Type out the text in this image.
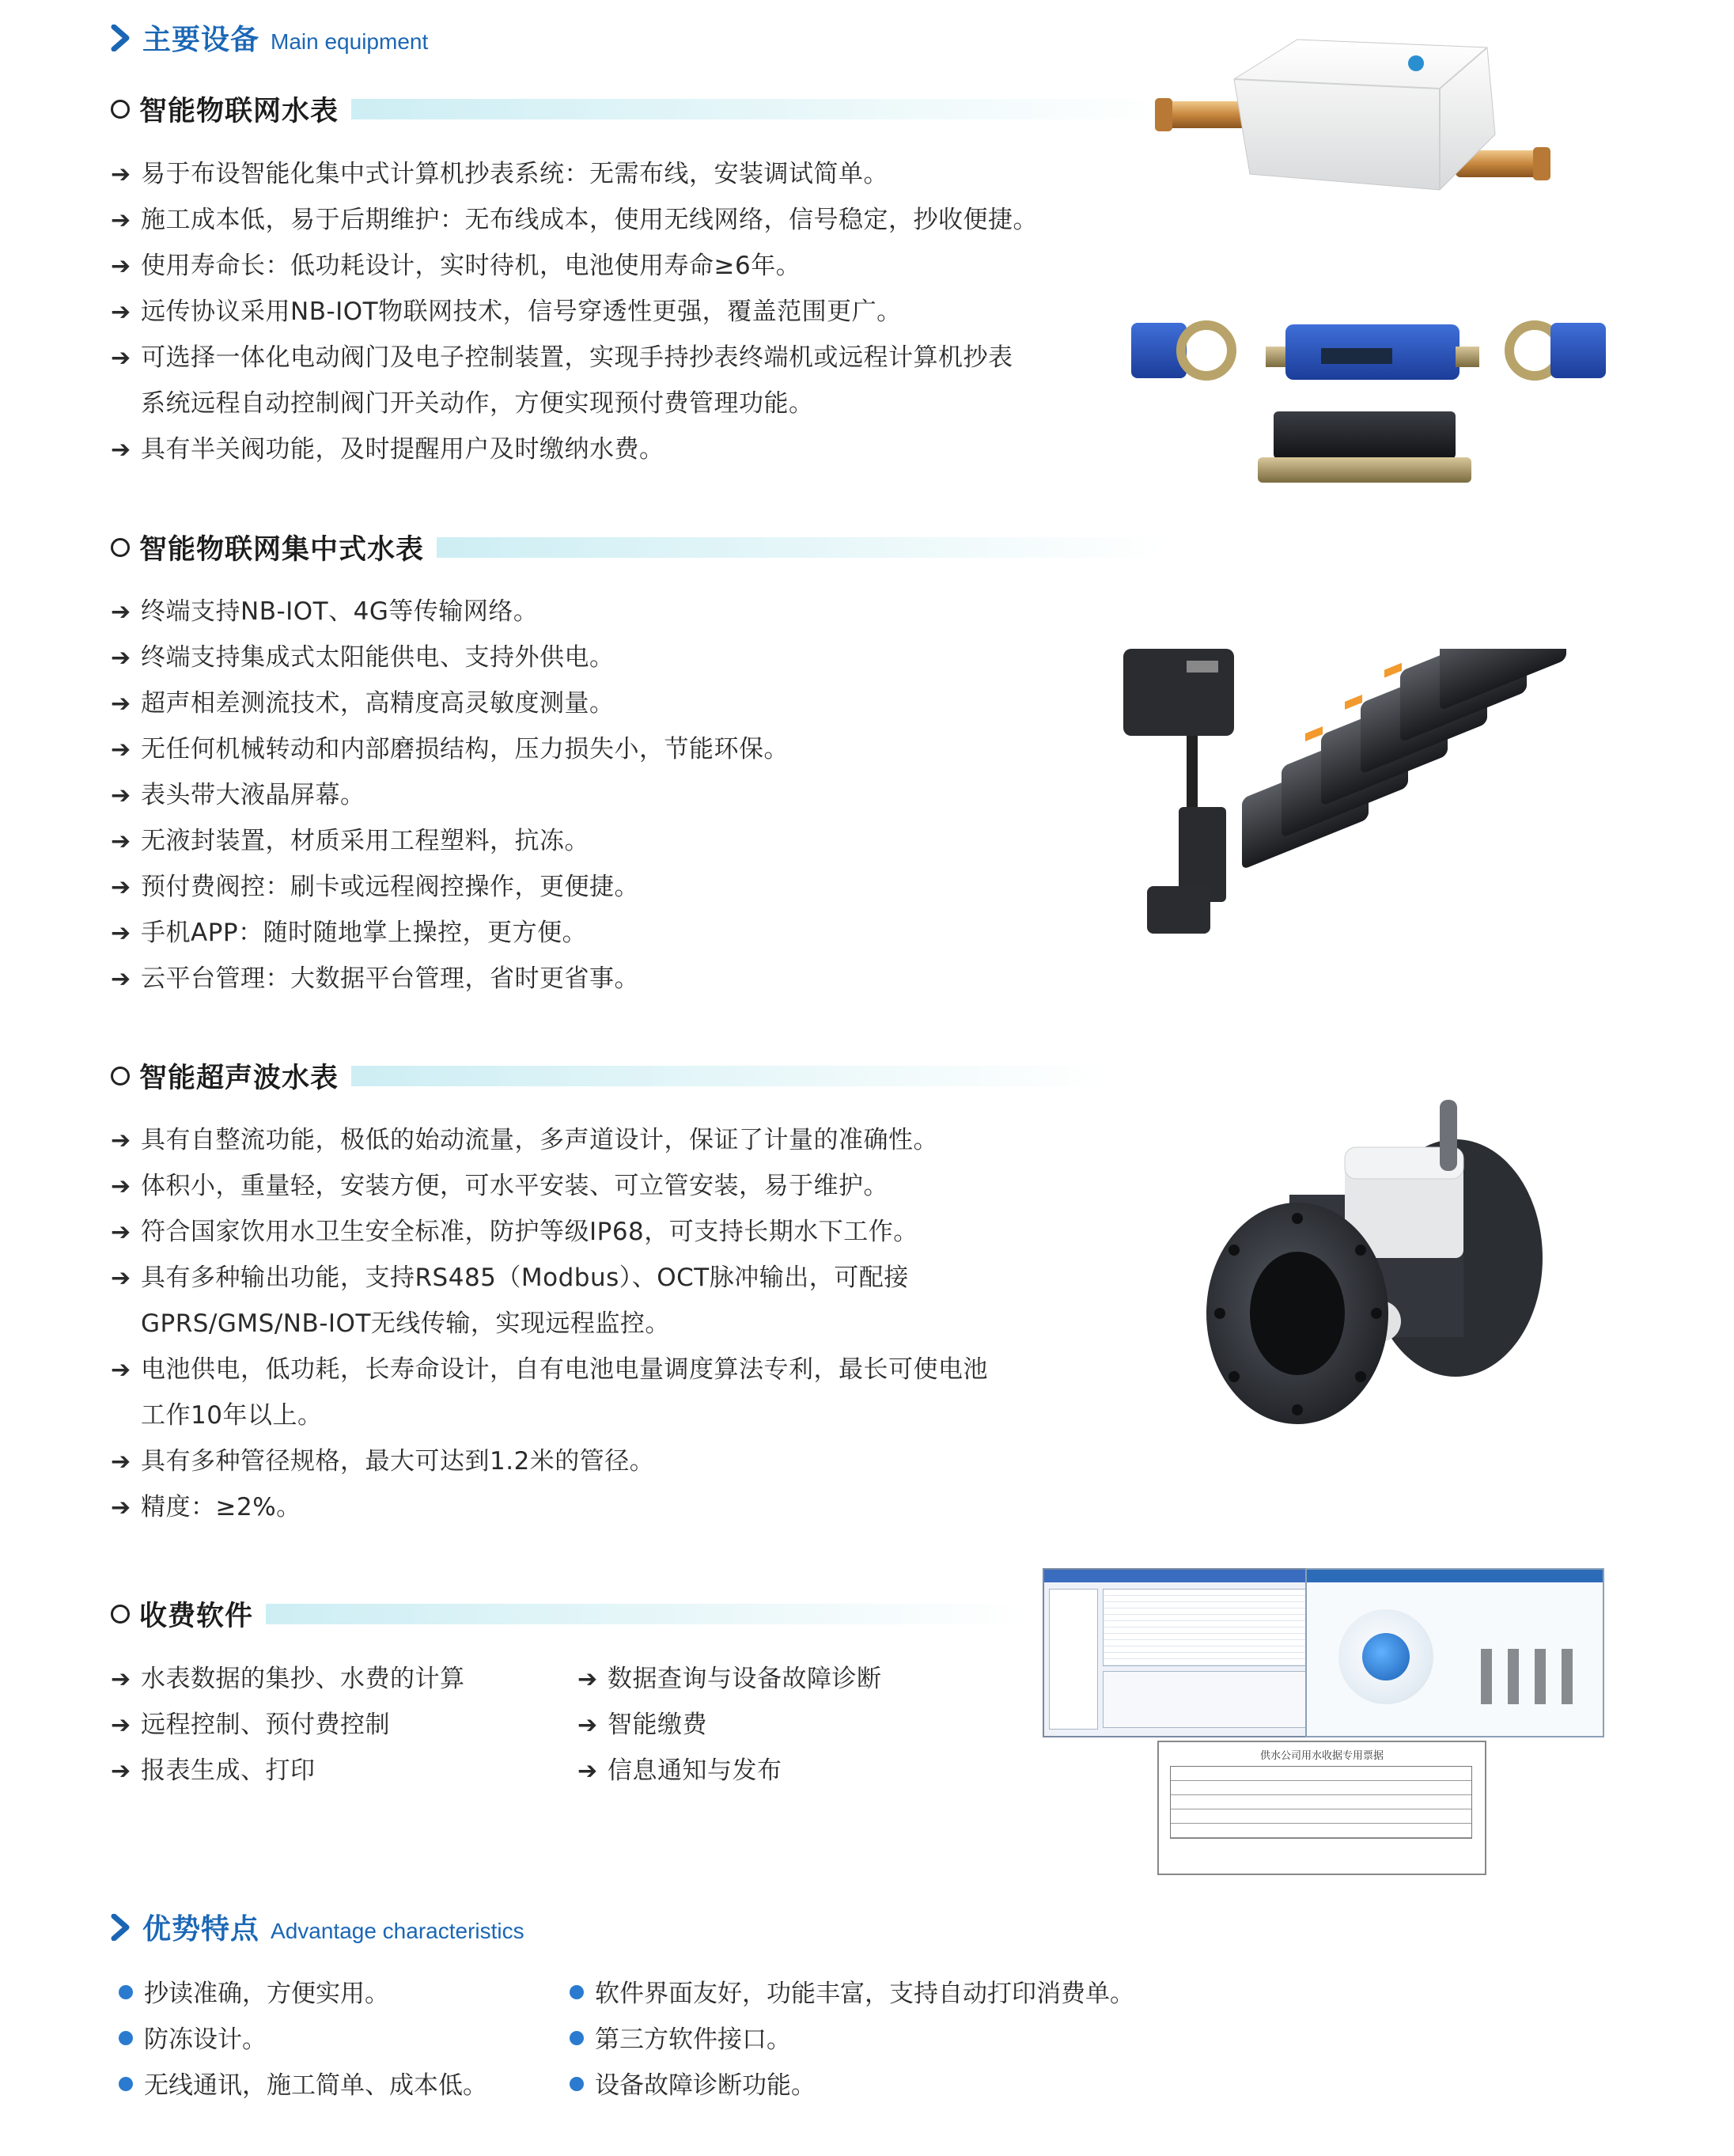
主要设备 Main equipment
智能物联网水表
➔ 易于布设智能化集中式计算机抄表系统：无需布线，安装调试简单。
➔ 施工成本低，易于后期维护：无布线成本，使用无线网络，信号稳定，抄收便捷。
➔ 使用寿命长：低功耗设计，实时待机，电池使用寿命≥6年。
➔ 远传协议采用NB-IOT物联网技术，信号穿透性更强，覆盖范围更广。
➔ 可选择一体化电动阀门及电子控制装置，实现手持抄表终端机或远程计算机抄表
系统远程自动控制阀门开关动作，方便实现预付费管理功能。
➔ 具有半关阀功能，及时提醒用户及时缴纳水费。
智能物联网集中式水表
➔ 终端支持NB-IOT、4G等传输网络。
➔ 终端支持集成式太阳能供电、支持外供电。
➔ 超声相差测流技术，高精度高灵敏度测量。
➔ 无任何机械转动和内部磨损结构，压力损失小，节能环保。
➔ 表头带大液晶屏幕。
➔ 无液封装置，材质采用工程塑料，抗冻。
➔ 预付费阀控：刷卡或远程阀控操作，更便捷。
➔ 手机APP：随时随地掌上操控，更方便。
➔ 云平台管理：大数据平台管理，省时更省事。
智能超声波水表
➔ 具有自整流功能，极低的始动流量，多声道设计，保证了计量的准确性。
➔ 体积小，重量轻，安装方便，可水平安装、可立管安装，易于维护。
➔ 符合国家饮用水卫生安全标准，防护等级IP68，可支持长期水下工作。
➔ 具有多种输出功能，支持RS485（Modbus）、OCT脉冲输出，可配接
GPRS/GMS/NB-IOT无线传输，实现远程监控。
➔ 电池供电，低功耗，长寿命设计，自有电池电量调度算法专利，最长可使电池
工作10年以上。
➔ 具有多种管径规格，最大可达到1.2米的管径。
➔ 精度：≥2%。
收费软件
➔ 水表数据的集抄、水费的计算
➔ 远程控制、预付费控制
➔ 报表生成、打印
➔ 数据查询与设备故障诊断
➔ 智能缴费
➔ 信息通知与发布
供水公司用水收据专用票据
优势特点 Advantage characteristics
抄读准确，方便实用。
防冻设计。
无线通讯，施工简单、成本低。
软件界面友好，功能丰富，支持自动打印消费单。
第三方软件接口。
设备故障诊断功能。
